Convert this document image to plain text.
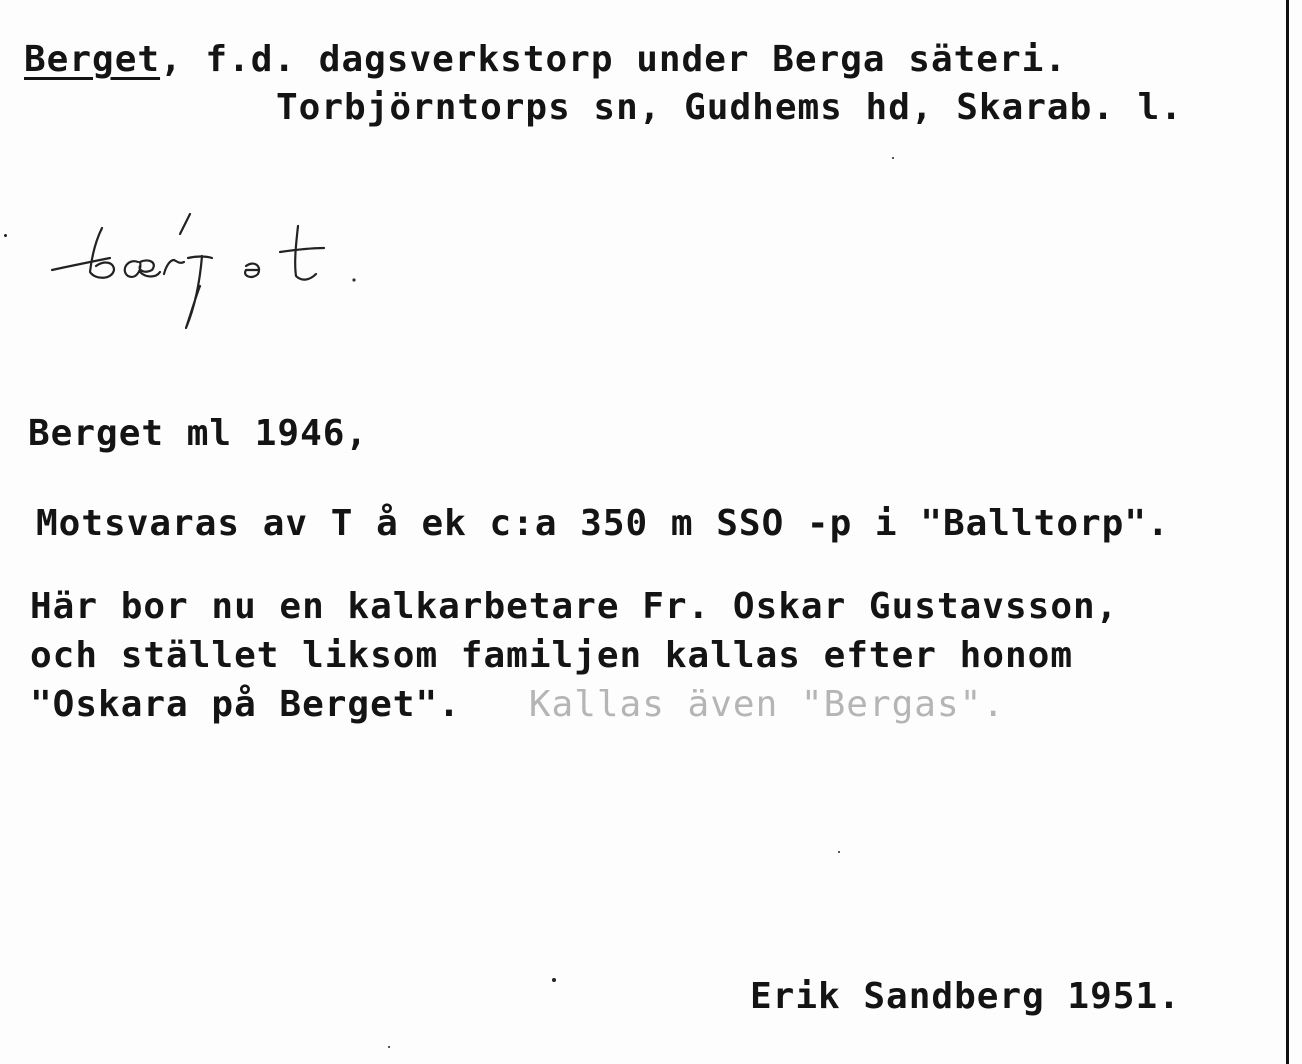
Berget, f.d. dagsverkstorp under Berga säteri.
Torbjörntorps sn, Gudhems hd, Skarab. l.
Berget ml 1946,
Motsvaras av T å ek c:a 350 m SSO -p i "Balltorp".
Här bor nu en kalkarbetare Fr. Oskar Gustavsson,
och stället liksom familjen kallas efter honom
"Oskara på Berget". Kallas även "Bergas".
Erik Sandberg 1951.
